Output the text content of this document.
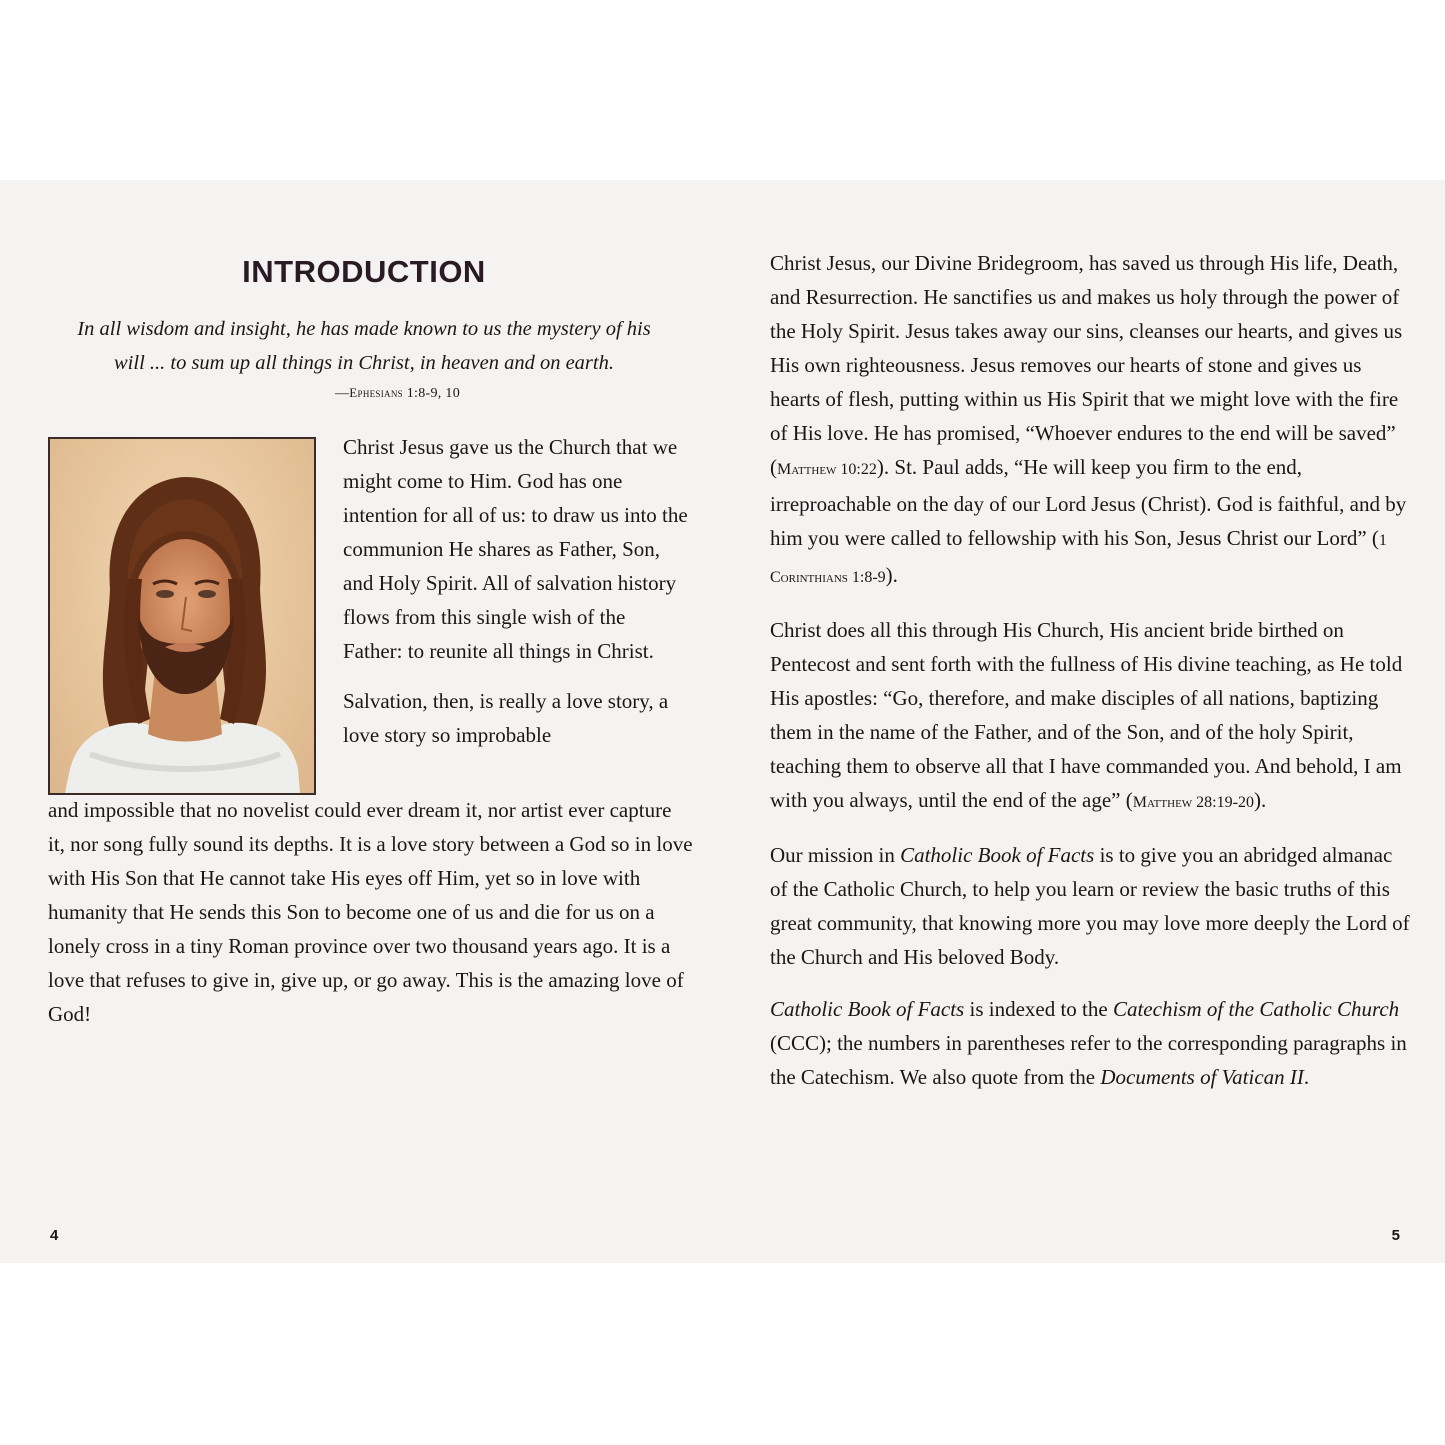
INTRODUCTION
In all wisdom and insight, he has made known to us the mystery of his
will ... to sum up all things in Christ, in heaven and on earth.
—Ephesians 1:8-9, 10

Christ Jesus gave us the Church that we might come to Him. God has one intention for all of us: to draw us into the communion He shares as Father, Son, and Holy Spirit. All of salvation history flows from this single wish of the Father: to reunite all things in Christ.

Salvation, then, is really a love story, a love story so improbable

and impossible that no novelist could ever dream it, nor artist ever capture it, nor song fully sound its depths. It is a love story between a God so in love with His Son that He cannot take His eyes off Him, yet so in love with humanity that He sends this Son to become one of us and die for us on a lonely cross in a tiny Roman province over two thousand years ago. It is a love that refuses to give in, give up, or go away. This is the amazing love of God!
4

Christ Jesus, our Divine Bridegroom, has saved us through His life, Death, and Resurrection. He sanctifies us and makes us holy through the power of the Holy Spirit. Jesus takes away our sins, cleanses our hearts, and gives us His own righteousness. Jesus removes our hearts of stone and gives us hearts of flesh, putting within us His Spirit that we might love with the fire of His love. He has promised, “Whoever endures to the end will be saved” (Matthew 10:22). St. Paul adds, “He will keep you firm to the end, irreproachable on the day of our Lord Jesus (Christ). God is faithful, and by him you were called to fellowship with his Son, Jesus Christ our Lord” (1 Corinthians 1:8-9).

Christ does all this through His Church, His ancient bride birthed on Pentecost and sent forth with the fullness of His divine teaching, as He told His apostles: “Go, therefore, and make disciples of all nations, baptizing them in the name of the Father, and of the Son, and of the holy Spirit, teaching them to observe all that I have commanded you. And behold, I am with you always, until the end of the age” (Matthew 28:19-20).

Our mission in Catholic Book of Facts is to give you an abridged almanac of the Catholic Church, to help you learn or review the basic truths of this great community, that knowing more you may love more deeply the Lord of the Church and His beloved Body.

Catholic Book of Facts is indexed to the Catechism of the Catholic Church (CCC); the numbers in parentheses refer to the corresponding paragraphs in the Catechism. We also quote from the Documents of Vatican II.

5
